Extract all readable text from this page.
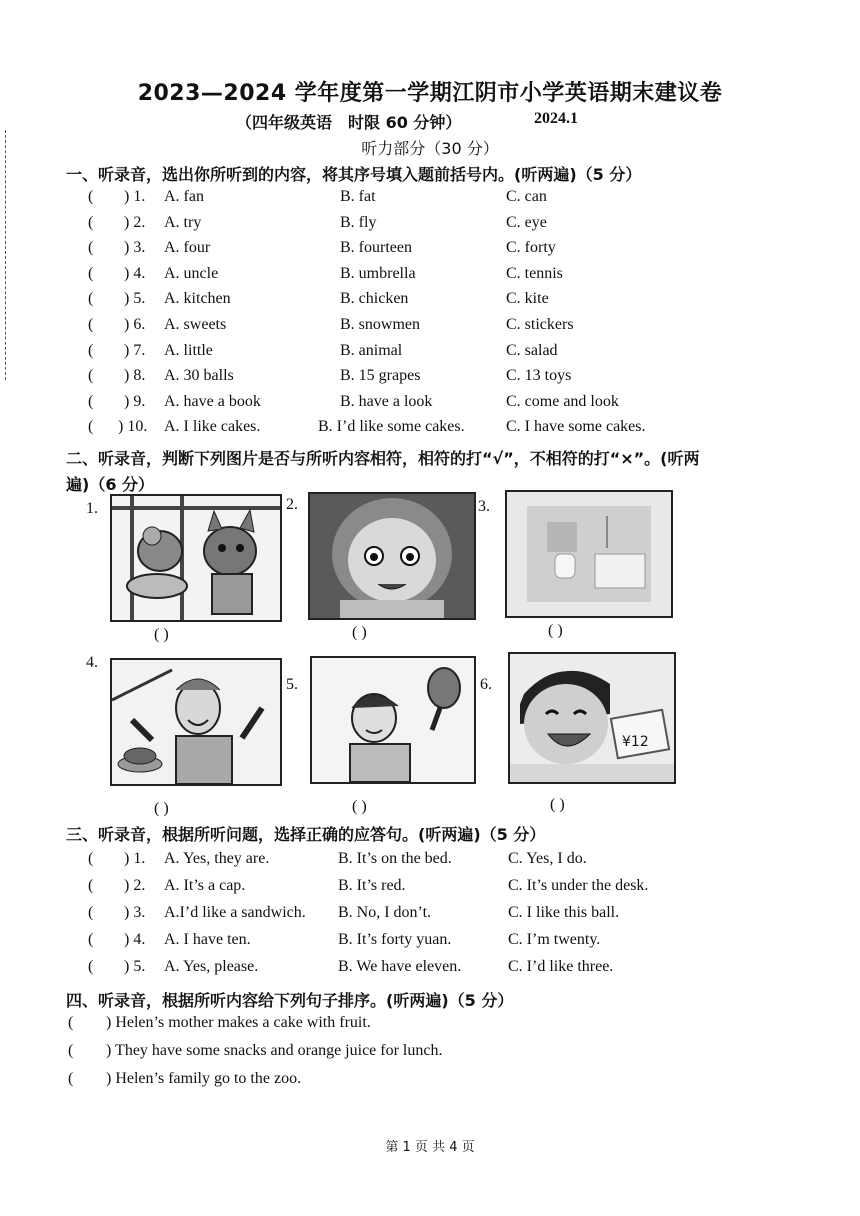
2023—2024 学年度第一学期江阴市小学英语期末建议卷
（四年级英语　时限 60 分钟）	2024.1
听力部分（30 分）
一、听录音，选出你所听到的内容，将其序号填入题前括号内。(听两遍)（5 分）
( ) 1. A. fan	B. fat	C. can
( ) 2. A. try	B. fly	C. eye
( ) 3. A. four	B. fourteen	C. forty
( ) 4. A. uncle	B. umbrella	C. tennis
( ) 5. A. kitchen	B. chicken	C. kite
( ) 6. A. sweets	B. snowmen	C. stickers
( ) 7. A. little	B. animal	C. salad
( ) 8. A. 30 balls	B. 15 grapes	C. 13 toys
( ) 9. A. have a book	B. have a look	C. come and look
( ) 10. A. I like cakes.	B. I’d like some cakes.	C. I have some cakes.
二、听录音，判断下列图片是否与所听内容相符，相符的打“√”，不相符的打“×”。(听两
遍)（6 分）
1.
( )
2.
( )
3.
( )
4.
( )
5.
( )
6.
¥12
( )
三、听录音，根据所听问题，选择正确的应答句。(听两遍)（5 分）
( ) 1. A. Yes, they are.	B. It’s on the bed.	C. Yes, I do.
( ) 2. A. It’s a cap.	B. It’s red.	C. It’s under the desk.
( ) 3. A.I’d like a sandwich. B. No, I don’t.	C. I like this ball.
( ) 4. A. I have ten.	B. It’s forty yuan.	C. I’m twenty.
( ) 5. A. Yes, please.	B. We have eleven.	C. I’d like three.
四、听录音，根据所听内容给下列句子排序。(听两遍)（5 分）
( ) Helen’s mother makes a cake with fruit.
( ) They have some snacks and orange juice for lunch.
( ) Helen’s family go to the zoo.
第 1 页 共 4 页
